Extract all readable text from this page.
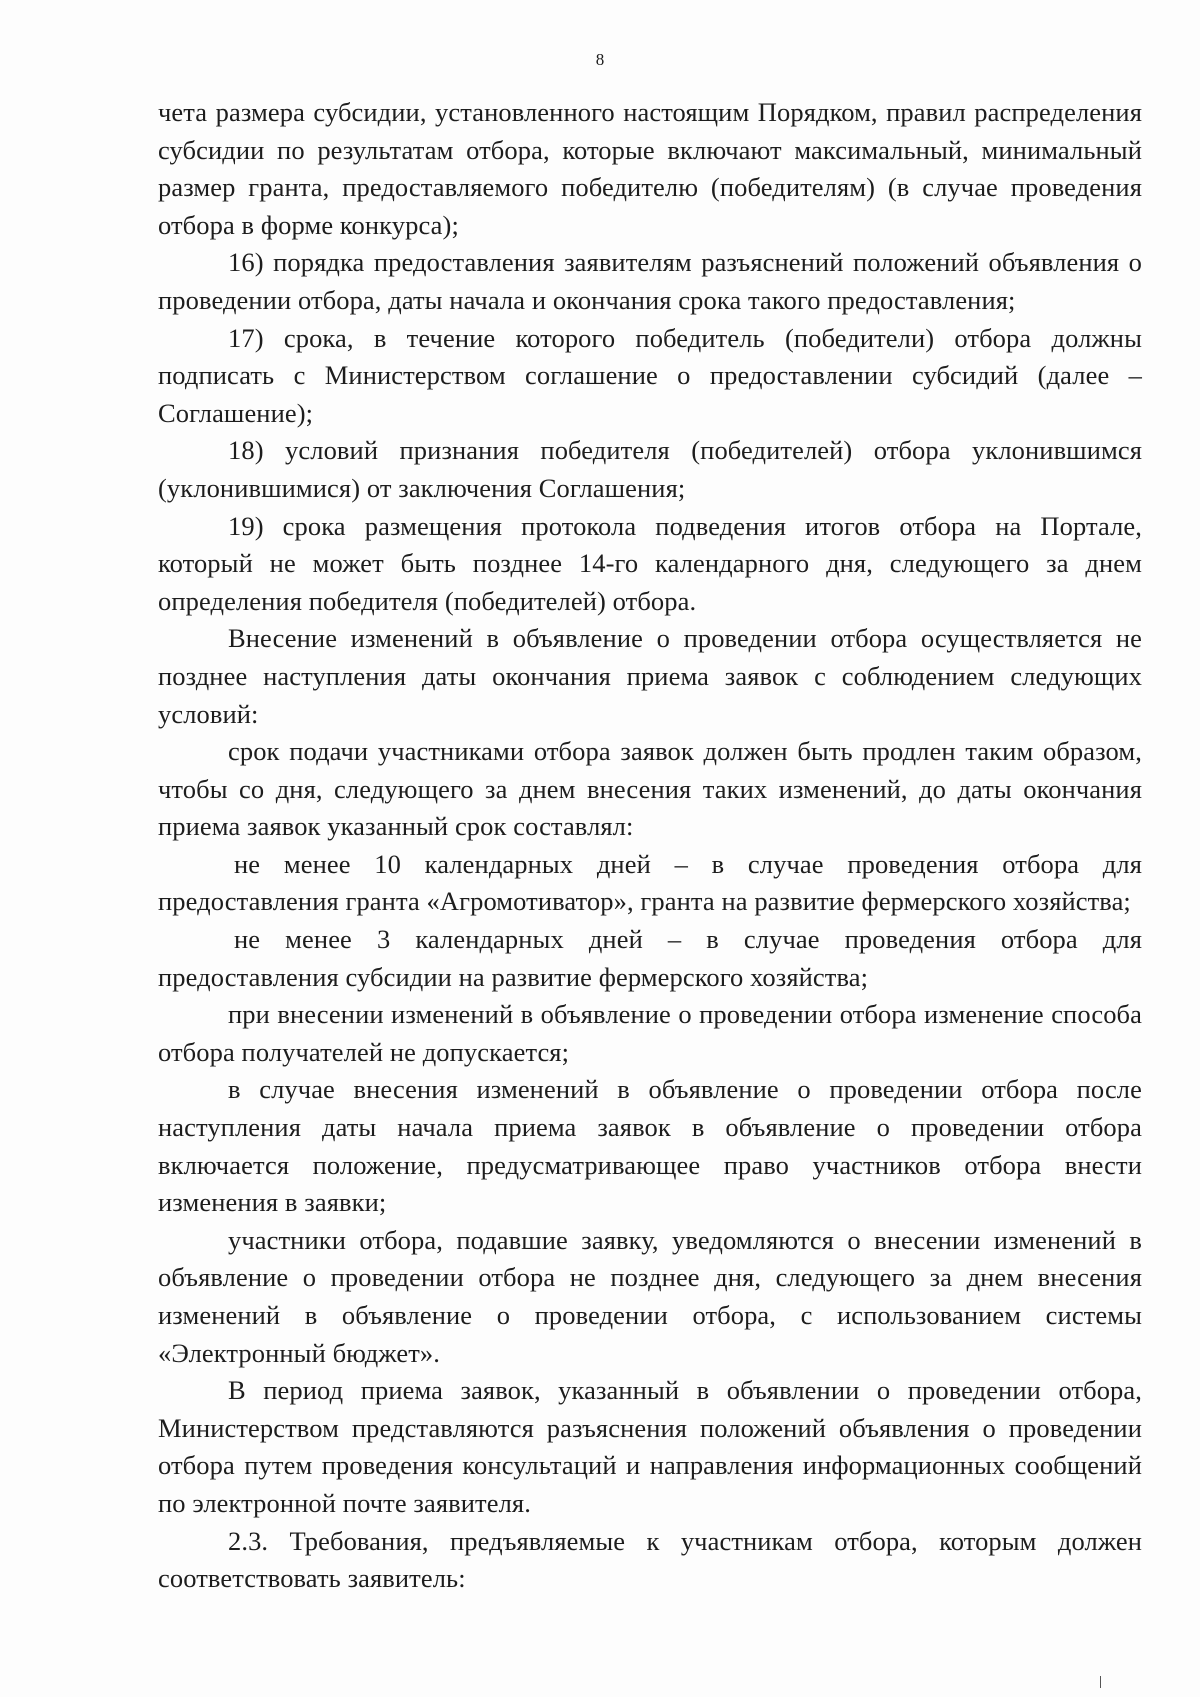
8

чета размера субсидии, установленного настоящим Порядком, правил распределения субсидии по результатам отбора, которые включают максимальный, минимальный размер гранта, предоставляемого победителю (победителям) (в случае проведения отбора в форме конкурса);

16) порядка предоставления заявителям разъяснений положений объявления о проведении отбора, даты начала и окончания срока такого предоставления;

17) срока, в течение которого победитель (победители) отбора должны подписать с Министерством соглашение о предоставлении субсидий (далее – Соглашение);

18) условий признания победителя (победителей) отбора уклонившимся (уклонившимися) от заключения Соглашения;

19) срока размещения протокола подведения итогов отбора на Портале, который не может быть позднее 14-го календарного дня, следующего за днем определения победителя (победителей) отбора.

Внесение изменений в объявление о проведении отбора осуществляется не позднее наступления даты окончания приема заявок с соблюдением следующих условий:

срок подачи участниками отбора заявок должен быть продлен таким образом, чтобы со дня, следующего за днем внесения таких изменений, до даты окончания приема заявок указанный срок составлял:

не менее 10 календарных дней – в случае проведения отбора для предоставления гранта «Агромотиватор», гранта на развитие фермерского хозяйства;

не менее 3 календарных дней – в случае проведения отбора для предоставления субсидии на развитие фермерского хозяйства;

при внесении изменений в объявление о проведении отбора изменение способа отбора получателей не допускается;

в случае внесения изменений в объявление о проведении отбора после наступления даты начала приема заявок в объявление о проведении отбора включается положение, предусматривающее право участников отбора внести изменения в заявки;

участники отбора, подавшие заявку, уведомляются о внесении изменений в объявление о проведении отбора не позднее дня, следующего за днем внесения изменений в объявление о проведении отбора, с использованием системы «Электронный бюджет».

В период приема заявок, указанный в объявлении о проведении отбора, Министерством представляются разъяснения положений объявления о проведении отбора путем проведения консультаций и направления информационных сообщений по электронной почте заявителя.

2.3. Требования, предъявляемые к участникам отбора, которым должен соответствовать заявитель:
